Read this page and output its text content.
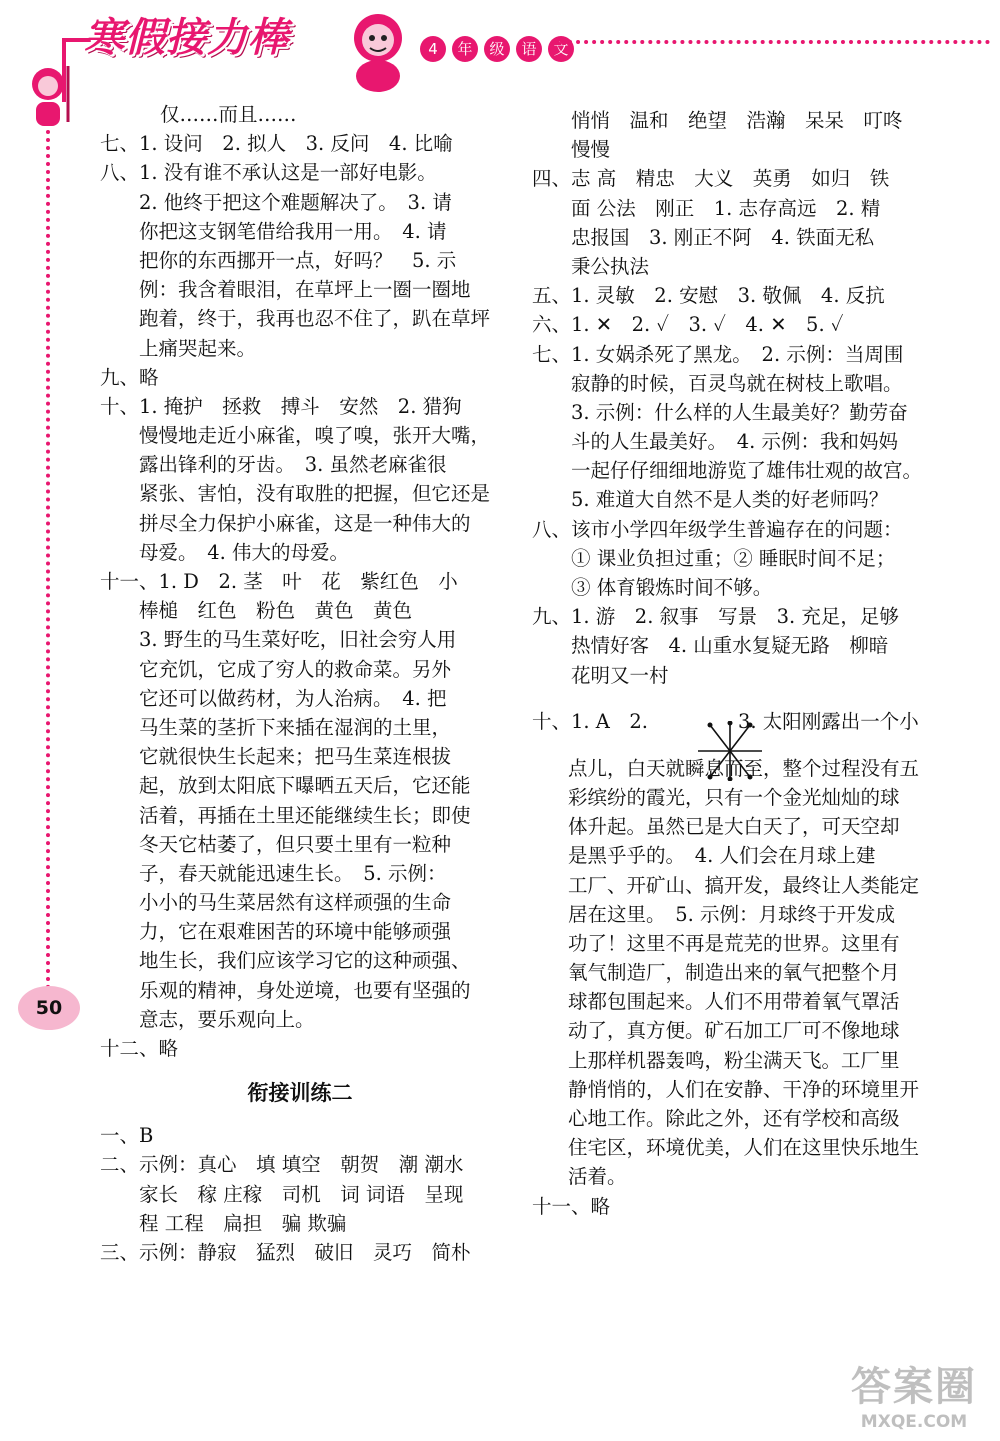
寒假接力棒	4	年	级	语	文
50
仅……而且……
七、1. 设问　2. 拟人　3. 反问　4. 比喻
八、1. 没有谁不承认这是一部好电影。
　　2. 他终于把这个难题解决了。　3. 请
　　你把这支钢笔借给我用一用。　4. 请
　　把你的东西挪开一点，好吗？　5. 示
　　例：我含着眼泪，在草坪上一圈一圈地
　　跑着，终于，我再也忍不住了，趴在草坪
　　上痛哭起来。
九、略
十、1. 掩护　拯救　搏斗　安然　2. 猎狗
　　慢慢地走近小麻雀，嗅了嗅，张开大嘴，
　　露出锋利的牙齿。　3. 虽然老麻雀很
　　紧张、害怕，没有取胜的把握，但它还是
　　拼尽全力保护小麻雀，这是一种伟大的
　　母爱。　4. 伟大的母爱。
十一、1. D　2. 茎　叶　花　紫红色　小
　　棒槌　红色　粉色　黄色　黄色
　　3. 野生的马生菜好吃，旧社会穷人用
　　它充饥，它成了穷人的救命菜。另外
　　它还可以做药材，为人治病。　4. 把
　　马生菜的茎折下来插在湿润的土里，
　　它就很快生长起来；把马生菜连根拔
　　起，放到太阳底下曝晒五天后，它还能
　　活着，再插在土里还能继续生长；即使
　　冬天它枯萎了，但只要土里有一粒种
　　子，春天就能迅速生长。　5. 示例：
　　小小的马生菜居然有这样顽强的生命
　　力，它在艰难困苦的环境中能够顽强
　　地生长，我们应该学习它的这种顽强、
　　乐观的精神，身处逆境，也要有坚强的
　　意志，要乐观向上。
十二、略
衔接训练二
一、B
二、示例：真心　填 填空　朝贺　潮 潮水
　　家长　稼 庄稼　司机　词 词语　呈现
　　程 工程　扁担　骗 欺骗
三、示例：静寂　猛烈　破旧　灵巧　简朴
　　悄悄　温和　绝望　浩瀚　呆呆　叮咚
　　慢慢
四、志 高　精忠　大义　英勇　如归　铁
　　面 公法　刚正　1. 志存高远　2. 精
　　忠报国　3. 刚正不阿　4. 铁面无私
　　秉公执法
五、1. 灵敏　2. 安慰　3. 敬佩　4. 反抗
六、1. ✕　2. ✓　3. ✓　4. ✕　5. ✓
七、1. 女娲杀死了黑龙。　2. 示例：当周围
　　寂静的时候，百灵鸟就在树枝上歌唱。
　　3. 示例：什么样的人生最美好？勤劳奋
　　斗的人生最美好。　4. 示例：我和妈妈
　　一起仔仔细细地游览了雄伟壮观的故宫。
　　5. 难道大自然不是人类的好老师吗？
八、该市小学四年级学生普遍存在的问题：
　　① 课业负担过重；② 睡眠时间不足；
　　③ 体育锻炼时间不够。
九、1. 游　2. 叙事　写景　3. 充足，足够
　　热情好客　4. 山重水复疑无路　柳暗
　　花明又一村
十、1. A　2.

	3. 太阳刚露出一个小
点儿，白天就瞬息而至，整个过程没有五
彩缤纷的霞光，只有一个金光灿灿的球
体升起。虽然已是大白天了，可天空却
是黑乎乎的。　4. 人们会在月球上建
工厂、开矿山、搞开发，最终让人类能定
居在这里。　5. 示例：月球终于开发成
功了！这里不再是荒芜的世界。这里有
氧气制造厂，制造出来的氧气把整个月
球都包围起来。人们不用带着氧气罩活
动了，真方便。矿石加工厂可不像地球
上那样机器轰鸣，粉尘满天飞。工厂里
静悄悄的，人们在安静、干净的环境里开
心地工作。除此之外，还有学校和高级
住宅区，环境优美，人们在这里快乐地生
活着。
十一、略
答案圈
MXQE.COM
